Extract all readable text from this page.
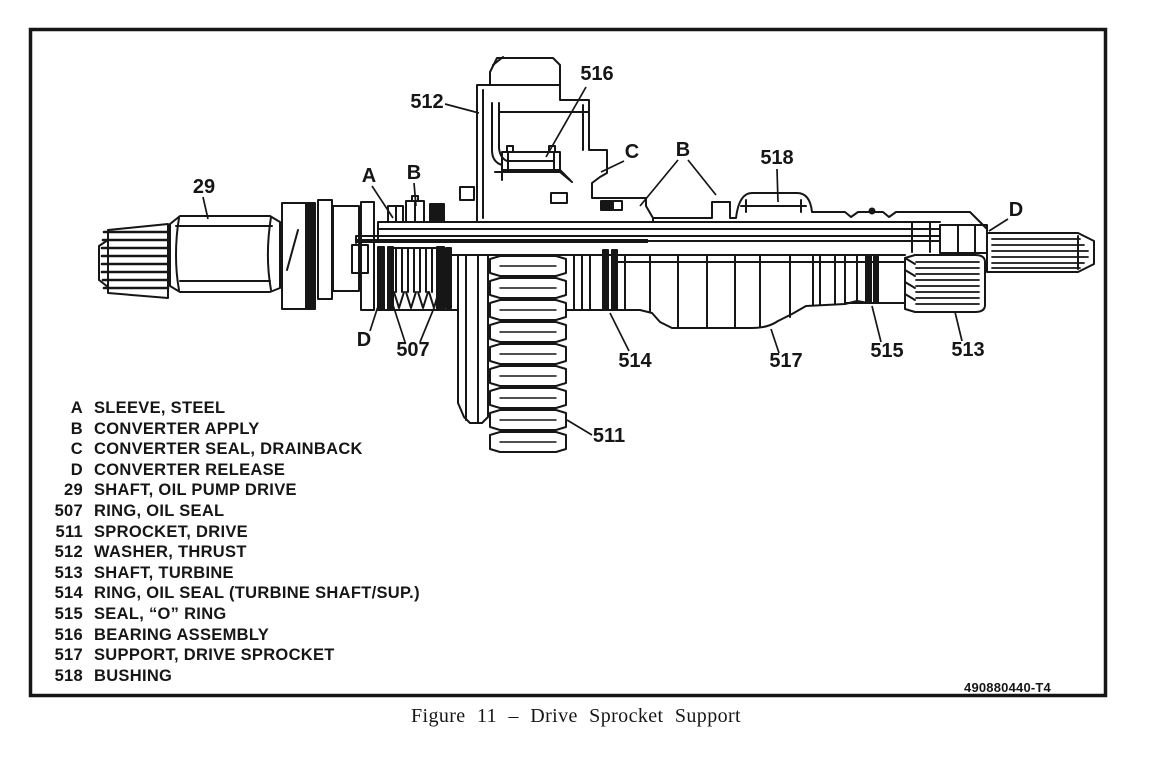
29	A B
512
516
C B	518
D
D 507	514
511
517	515 513
A SLEEVE, STEEL
B CONVERTER APPLY
C CONVERTER SEAL, DRAINBACK
D CONVERTER RELEASE
29 SHAFT, OIL PUMP DRIVE
507 RING, OIL SEAL
511 SPROCKET, DRIVE
512 WASHER, THRUST
513 SHAFT, TURBINE
514 RING, OIL SEAL (TURBINE SHAFT/SUP.)
515 SEAL, “O” RING
516 BEARING ASSEMBLY
517 SUPPORT, DRIVE SPROCKET
518 BUSHING
490880440-T4
Figure 11 – Drive Sprocket Support
